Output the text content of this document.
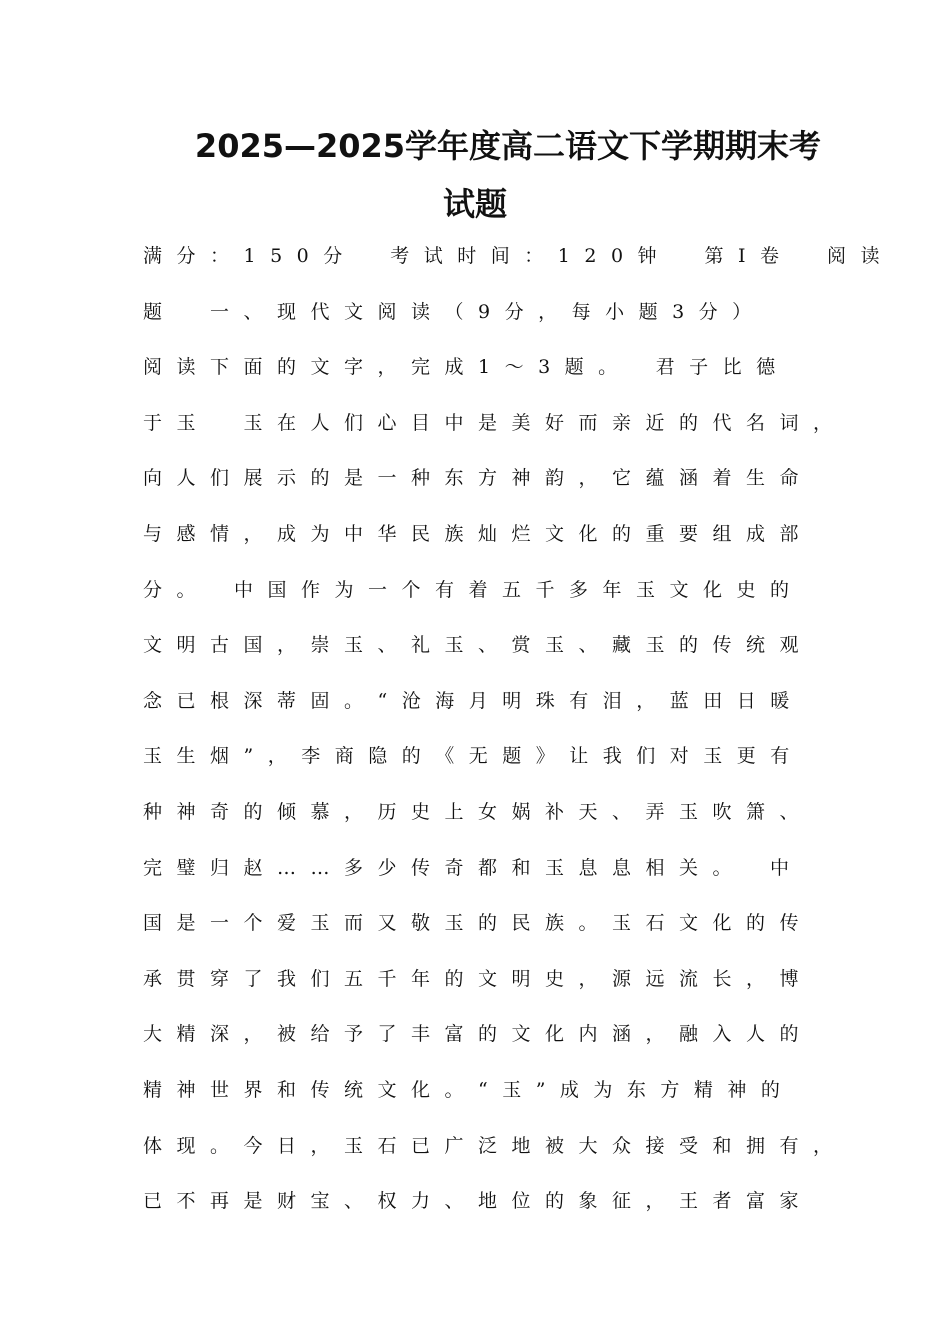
2025—2025学年度高二语文下学期期末考
试题
满分：150分　考试时间：120钟　第Ⅰ卷　阅读
题　一、现代文阅读（9分，每小题3分）
阅读下面的文字，完成1～3题。　君子比德
于玉　玉在人们心目中是美好而亲近的代名词，
向人们展示的是一种东方神韵，它蕴涵着生命
与感情，成为中华民族灿烂文化的重要组成部
分。　中国作为一个有着五千多年玉文化史的
文明古国，崇玉、礼玉、赏玉、藏玉的传统观
念已根深蒂固。“沧海月明珠有泪，蓝田日暖
玉生烟”，李商隐的《无题》让我们对玉更有
种神奇的倾慕，历史上女娲补天、弄玉吹箫、
完璧归赵……多少传奇都和玉息息相关。　中
国是一个爱玉而又敬玉的民族。玉石文化的传
承贯穿了我们五千年的文明史，源远流长，博
大精深，被给予了丰富的文化内涵，融入人的
精神世界和传统文化。“玉”成为东方精神的
体现。今日，玉石已广泛地被大众接受和拥有，
已不再是财宝、权力、地位的象征，王者富家
